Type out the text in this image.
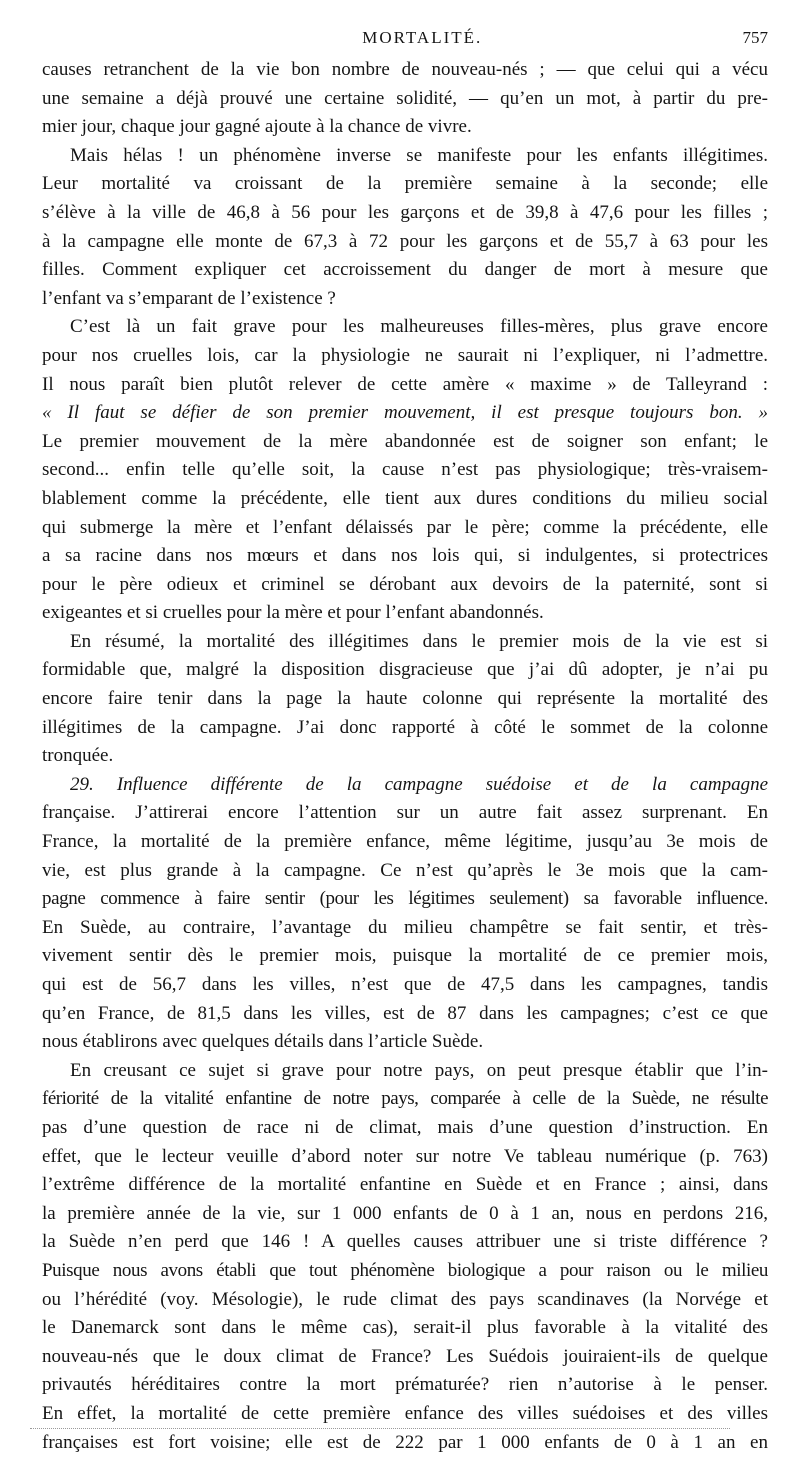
MORTALITÉ.	757

causes retranchent de la vie bon nombre de nouveau-nés ; — que celui qui a vécu
une semaine a déjà prouvé une certaine solidité, — qu’en un mot, à partir du pre-
mier jour, chaque jour gagné ajoute à la chance de vivre.

Mais hélas ! un phénomène inverse se manifeste pour les enfants illégitimes.
Leur mortalité va croissant de la première semaine à la seconde; elle
s’élève à la ville de 46,8 à 56 pour les garçons et de 39,8 à 47,6 pour les filles ;
à la campagne elle monte de 67,3 à 72 pour les garçons et de 55,7 à 63 pour les
filles. Comment expliquer cet accroissement du danger de mort à mesure que
l’enfant va s’emparant de l’existence ?

C’est là un fait grave pour les malheureuses filles-mères, plus grave encore
pour nos cruelles lois, car la physiologie ne saurait ni l’expliquer, ni l’admettre.
Il nous paraît bien plutôt relever de cette amère « maxime » de Talleyrand :
« Il faut se défier de son premier mouvement, il est presque toujours bon. »
Le premier mouvement de la mère abandonnée est de soigner son enfant; le
second... enfin telle qu’elle soit, la cause n’est pas physiologique; très-vraisem-
blablement comme la précédente, elle tient aux dures conditions du milieu social
qui submerge la mère et l’enfant délaissés par le père; comme la précédente, elle
a sa racine dans nos mœurs et dans nos lois qui, si indulgentes, si protectrices
pour le père odieux et criminel se dérobant aux devoirs de la paternité, sont si
exigeantes et si cruelles pour la mère et pour l’enfant abandonnés.

En résumé, la mortalité des illégitimes dans le premier mois de la vie est si
formidable que, malgré la disposition disgracieuse que j’ai dû adopter, je n’ai pu
encore faire tenir dans la page la haute colonne qui représente la mortalité des
illégitimes de la campagne. J’ai donc rapporté à côté le sommet de la colonne
tronquée.

29. Influence différente de la campagne suédoise et de la campagne
française. J’attirerai encore l’attention sur un autre fait assez surprenant. En
France, la mortalité de la première enfance, même légitime, jusqu’au 3e mois de
vie, est plus grande à la campagne. Ce n’est qu’après le 3e mois que la cam-
pagne commence à faire sentir (pour les légitimes seulement) sa favorable influence.
En Suède, au contraire, l’avantage du milieu champêtre se fait sentir, et très-
vivement sentir dès le premier mois, puisque la mortalité de ce premier mois,
qui est de 56,7 dans les villes, n’est que de 47,5 dans les campagnes, tandis
qu’en France, de 81,5 dans les villes, est de 87 dans les campagnes; c’est ce que
nous établirons avec quelques détails dans l’article Suède.

En creusant ce sujet si grave pour notre pays, on peut presque établir que l’in-
fériorité de la vitalité enfantine de notre pays, comparée à celle de la Suède, ne résulte
pas d’une question de race ni de climat, mais d’une question d’instruction. En
effet, que le lecteur veuille d’abord noter sur notre Ve tableau numérique (p. 763)
l’extrême différence de la mortalité enfantine en Suède et en France ; ainsi, dans
la première année de la vie, sur 1 000 enfants de 0 à 1 an, nous en perdons 216,
la Suède n’en perd que 146 ! A quelles causes attribuer une si triste différence ?
Puisque nous avons établi que tout phénomène biologique a pour raison ou le milieu
ou l’hérédité (voy. Mésologie), le rude climat des pays scandinaves (la Norvége et
le Danemarck sont dans le même cas), serait-il plus favorable à la vitalité des
nouveau-nés que le doux climat de France? Les Suédois jouiraient-ils de quelque
privautés héréditaires contre la mort prématurée? rien n’autorise à le penser.
En effet, la mortalité de cette première enfance des villes suédoises et des villes
françaises est fort voisine; elle est de 222 par 1 000 enfants de 0 à 1 an en
